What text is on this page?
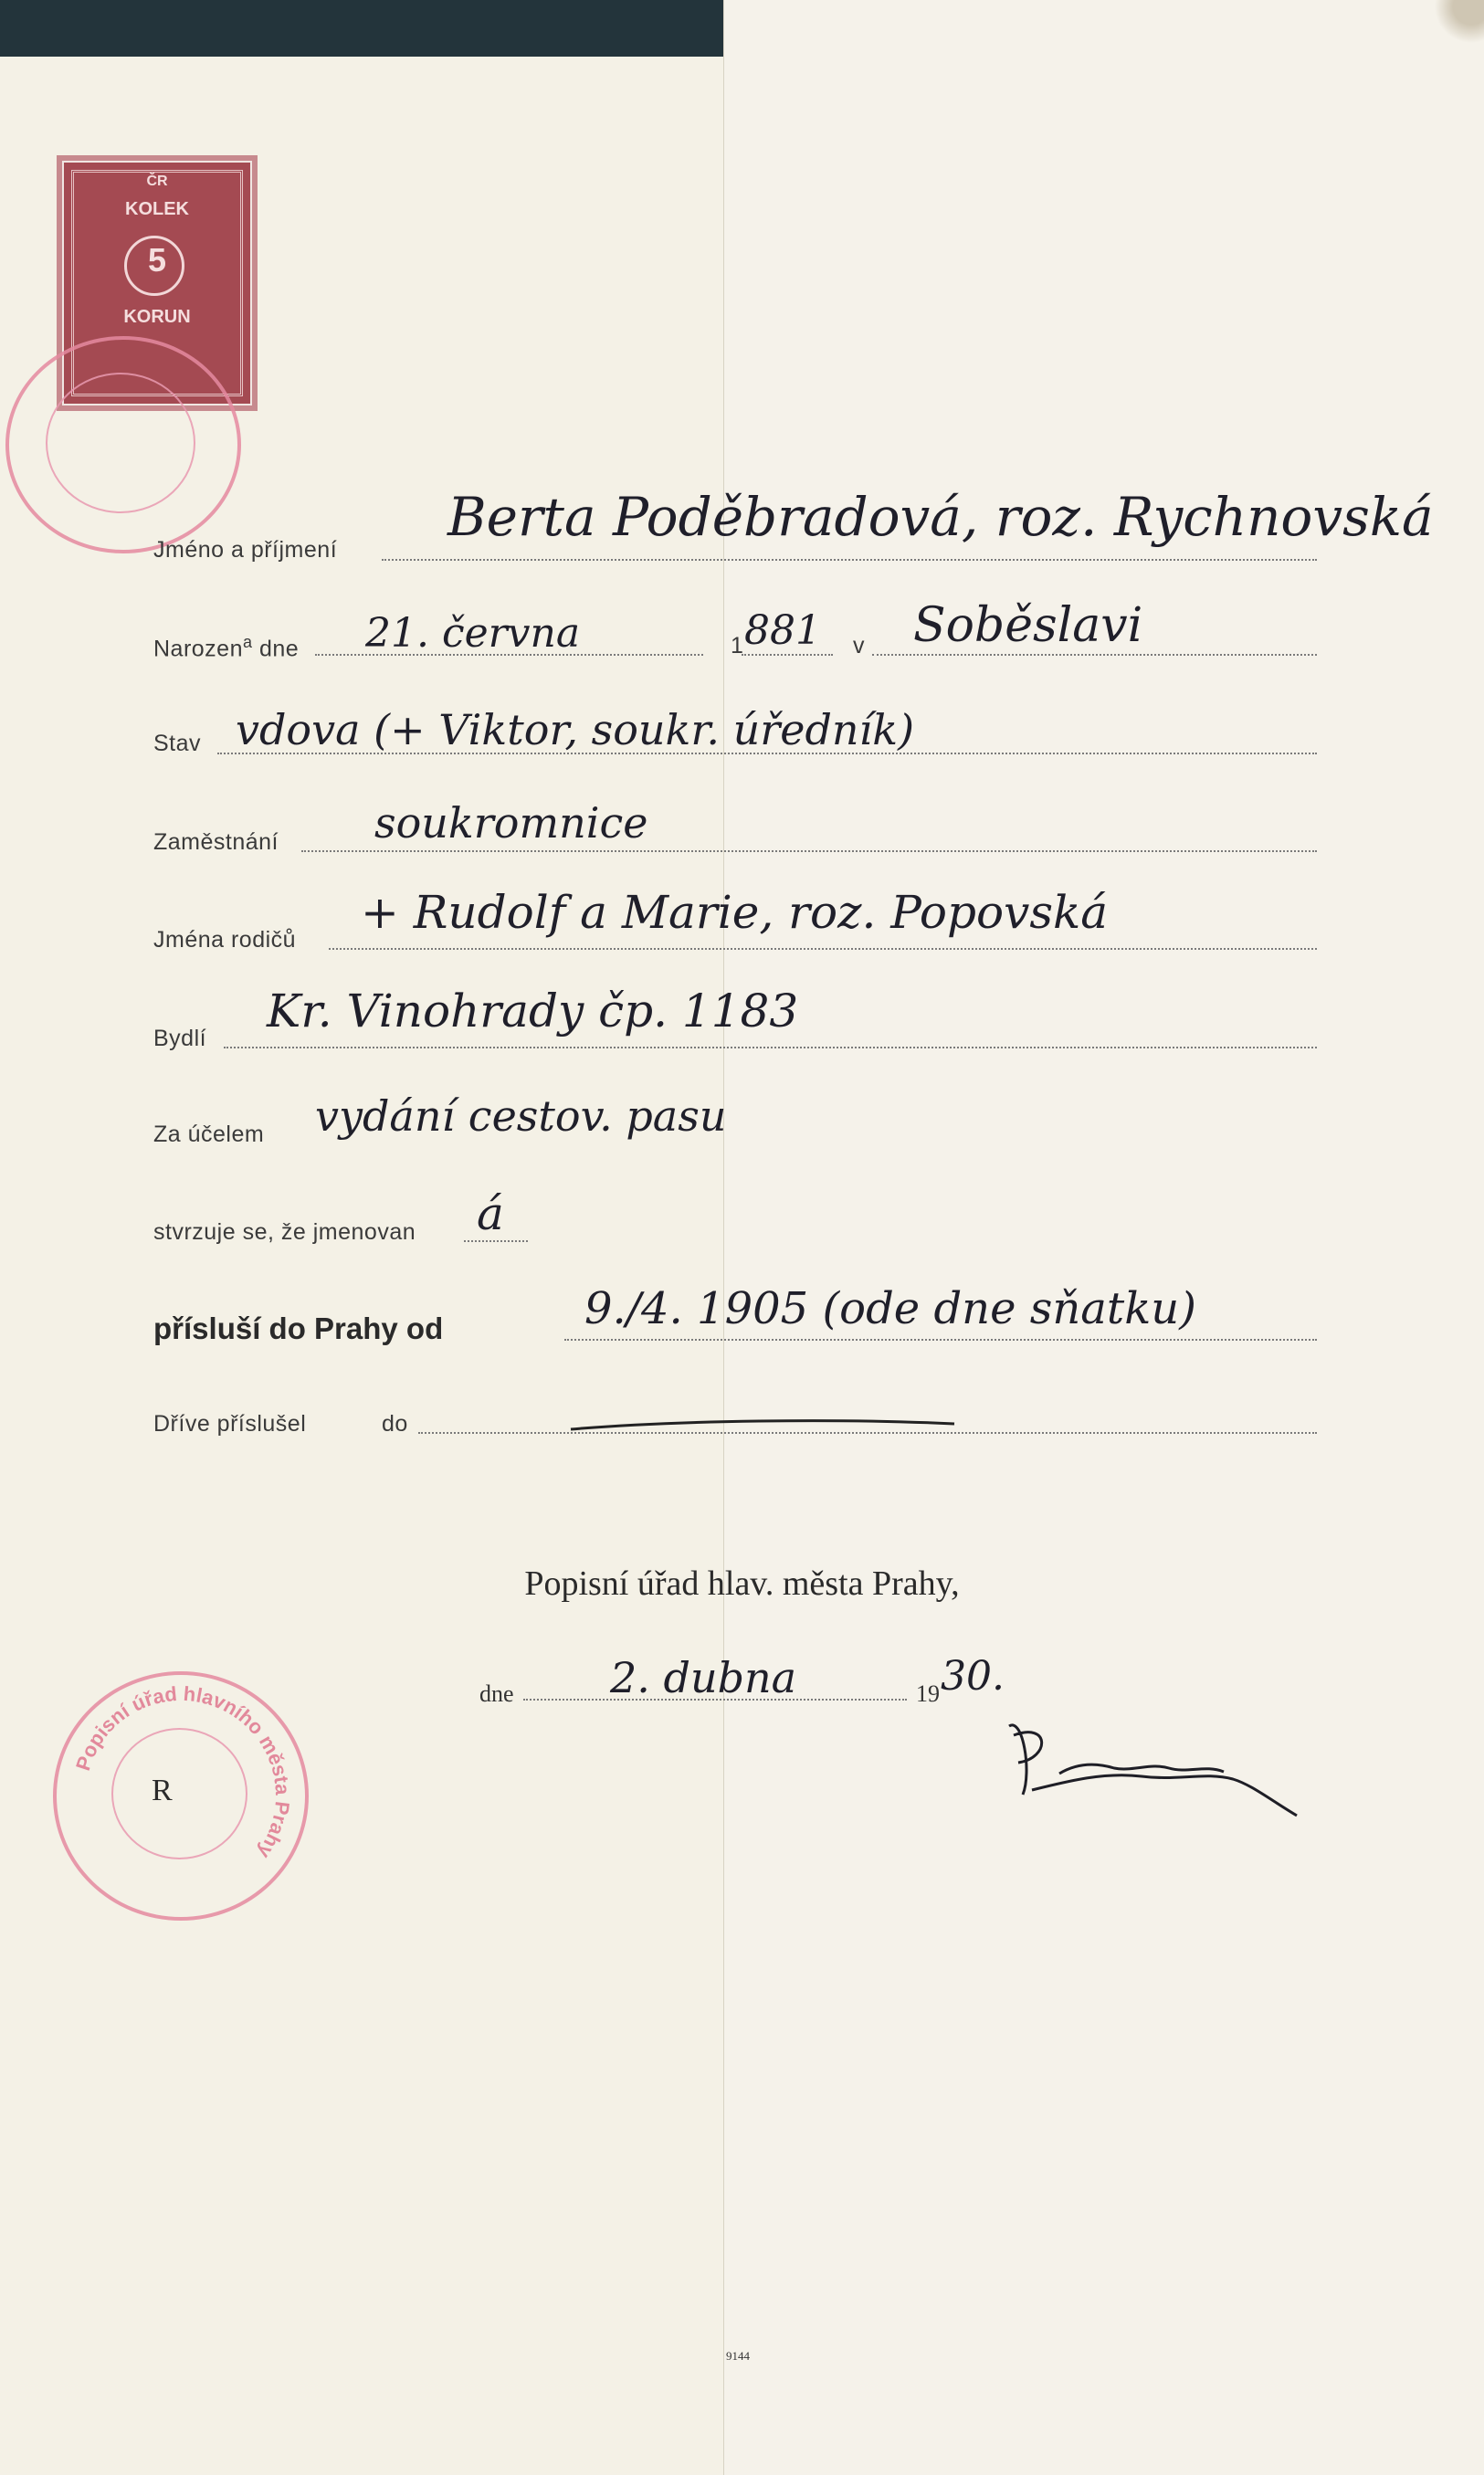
ČR
KOLEK
5
KORUN
Jméno a příjmení
Berta Poděbradová, roz. Rychnovská
Narozen$^a$ dne 21. června	1 881 v Soběslavi
Stav vdova (+ Viktor, soukr. úředník)
Zaměstnání soukromnice
Jména rodičů
+ Rudolf a Marie, roz. Popovská
Bydlí
Kr. Vinohrady čp. 1183
Za účelem vydání cestov. pasu
stvrzuje se, že jmenovan á
přísluší do Prahy od	9./4. 1905 (ode dne sňatku)
Dříve příslušel	do
Popisní úřad hlav. města Prahy,
dne 2. dubna	19 30.
Popisní úřad hlavního města Prahy
R
9144
